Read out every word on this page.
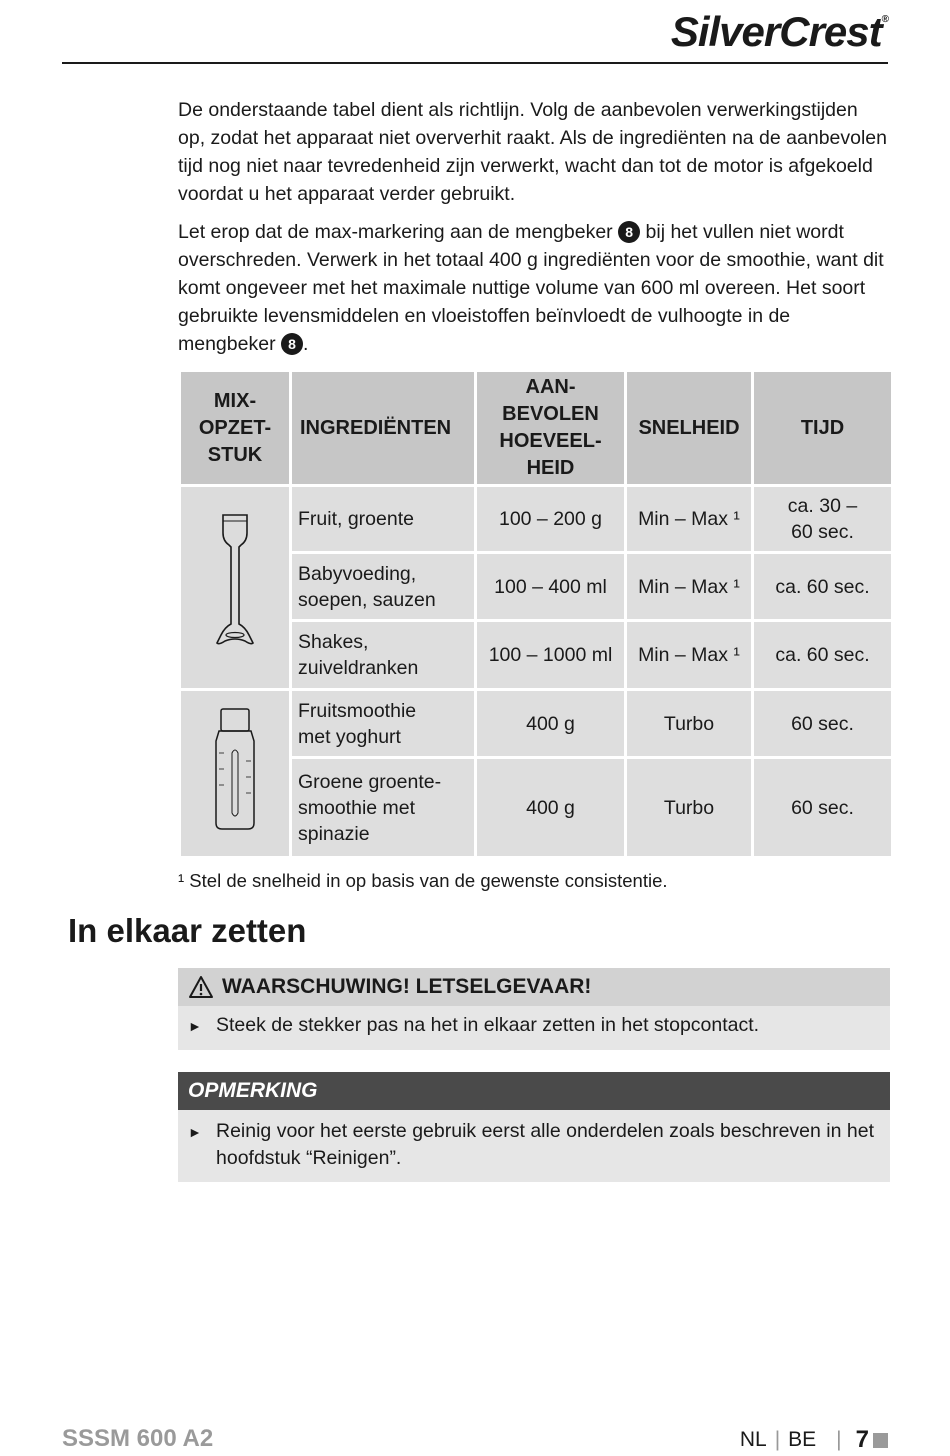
SilverCrest®

De onderstaande tabel dient als richtlijn. Volg de aanbevolen verwerkingstijden op, zodat het apparaat niet oververhit raakt. Als de ingrediënten na de aanbevolen tijd nog niet naar tevredenheid zijn verwerkt, wacht dan tot de motor is afgekoeld voordat u het apparaat verder gebruikt.

Let erop dat de max-markering aan de mengbeker 8 bij het vullen niet wordt overschreden. Verwerk in het totaal 400 g ingrediënten voor de smoothie, want dit komt ongeveer met het maximale nuttige volume van 600 ml overeen. Het soort gebruikte levensmiddelen en vloeistoffen beïnvloedt de vulhoogte in de mengbeker 8 .

MIX-
OPZET-
STUK	INGREDIËNTEN	AAN-
BEVOLEN
HOEVEEL-
HEID	SNELHEID	TIJD
	Fruit, groente	100 – 200 g	Min – Max ¹	ca. 30 –
60 sec.
	Babyvoeding,
soepen, sauzen	100 – 400 ml	Min – Max ¹	ca. 60 sec.
	Shakes,
zuiveldranken	100 – 1000 ml	Min – Max ¹	ca. 60 sec.
	Fruitsmoothie
met yoghurt	400 g	Turbo	60 sec.
	Groene groente-
smoothie met
spinazie	400 g	Turbo	60 sec.
¹ Stel de snelheid in op basis van de gewenste consistentie.
In elkaar zetten
WAARSCHUWING! LETSELGEVAAR!
► Steek de stekker pas na het in elkaar zetten in het stopcontact.
OPMERKING
► Reinig voor het eerste gebruik eerst alle onderdelen zoals beschreven in het hoofdstuk “Reinigen”.
SSSM 600 A2	NL | BE | 7
